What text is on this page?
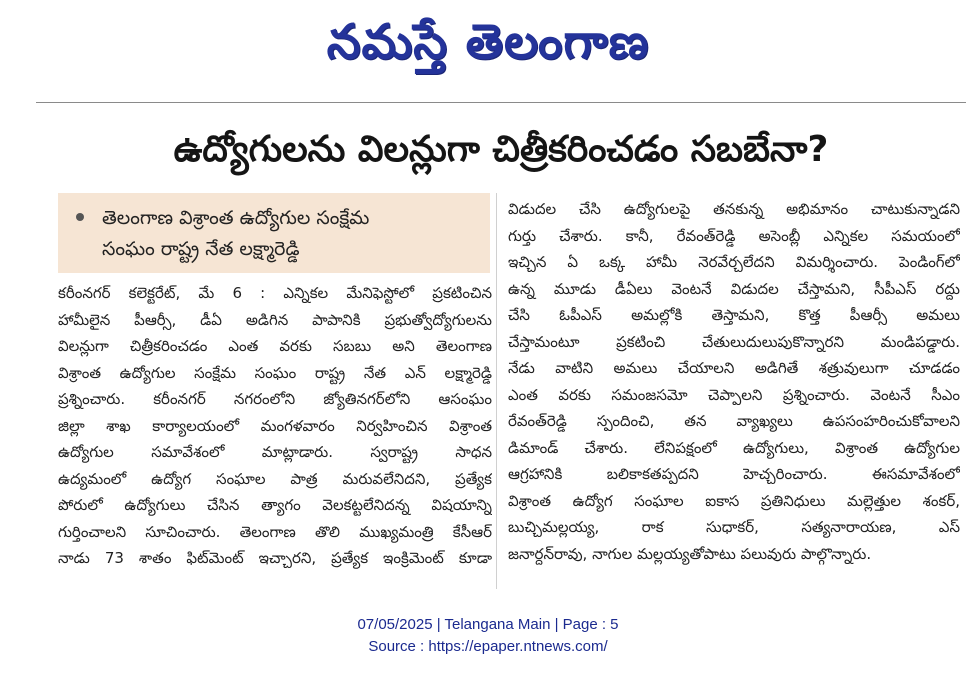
నమస్తే తెలంగాణ
ఉద్యోగులను విలన్లుగా చిత్రీకరించడం సబబేనా?
తెలంగాణ విశ్రాంత ఉద్యోగుల సంక్షేమ
సంఘం రాష్ట్ర నేత లక్ష్మారెడ్డి
కరీంనగర్ కలెక్టరేట్, మే 6 : ఎన్నికల మేనిఫెస్టోలో ప్రకటించిన
హామీలైన పీఆర్సీ, డీఏ అడిగిన పాపానికి ప్రభుత్వోద్యోగులను
విలన్లుగా చిత్రీకరించడం ఎంత వరకు సబబు అని తెలంగాణ
విశ్రాంత ఉద్యోగుల సంక్షేమ సంఘం రాష్ట్ర నేత ఎన్ లక్ష్మారెడ్డి
ప్రశ్నించారు. కరీంనగర్ నగరంలోని జ్యోతినగర్‌లోని ఆసంఘం
జిల్లా శాఖ కార్యాలయంలో మంగళవారం నిర్వహించిన విశ్రాంత
ఉద్యోగుల సమావేశంలో మాట్లాడారు. స్వరాష్ట్ర సాధన
ఉద్యమంలో ఉద్యోగ సంఘాల పాత్ర మరువలేనిదని, ప్రత్యేక
పోరులో ఉద్యోగులు చేసిన త్యాగం వెలకట్టలేనిదన్న విషయాన్ని
గుర్తించాలని సూచించారు. తెలంగాణ తొలి ముఖ్యమంత్రి కేసీఆర్
నాడు 73 శాతం ఫిట్‌మెంట్ ఇచ్చారని, ప్రత్యేక ఇంక్రిమెంట్ కూడా
విడుదల చేసి ఉద్యోగులపై తనకున్న అభిమానం చాటుకున్నాడని
గుర్తు చేశారు. కానీ, రేవంత్‌రెడ్డి అసెంబ్లీ ఎన్నికల సమయంలో
ఇచ్చిన ఏ ఒక్క హామీ నెరవేర్చలేదని విమర్శించారు. పెండింగ్‌లో
ఉన్న మూడు డీఏలు వెంటనే విడుదల చేస్తామని, సీపీఎస్ రద్దు
చేసి ఓపీఎస్ అమల్లోకి తెస్తామని, కొత్త పీఆర్సీ అమలు
చేస్తామంటూ ప్రకటించి చేతులుదులుపుకొన్నారని మండిపడ్డారు.
నేడు వాటిని అమలు చేయాలని అడిగితే శత్రువులుగా చూడడం
ఎంత వరకు సమంజసమో చెప్పాలని ప్రశ్నించారు. వెంటనే సీఎం
రేవంత్‌రెడ్డి స్పందించి, తన వ్యాఖ్యలు ఉపసంహరించుకోవాలని
డిమాండ్ చేశారు. లేనిపక్షంలో ఉద్యోగులు, విశ్రాంత ఉద్యోగుల
ఆగ్రహానికి బలికాకతప్పదని హెచ్చరించారు. ఈసమావేశంలో
విశ్రాంత ఉద్యోగ సంఘాల ఐకాస ప్రతినిధులు మల్లెత్తుల శంకర్,
బుచ్చిమల్లయ్య, రాక సుధాకర్, సత్యనారాయణ, ఎస్
జనార్దన్‌రావు, నాగుల మల్లయ్యతోపాటు పలువురు పాల్గొన్నారు.
07/05/2025 | Telangana Main | Page : 5
Source : https://epaper.ntnews.com/
